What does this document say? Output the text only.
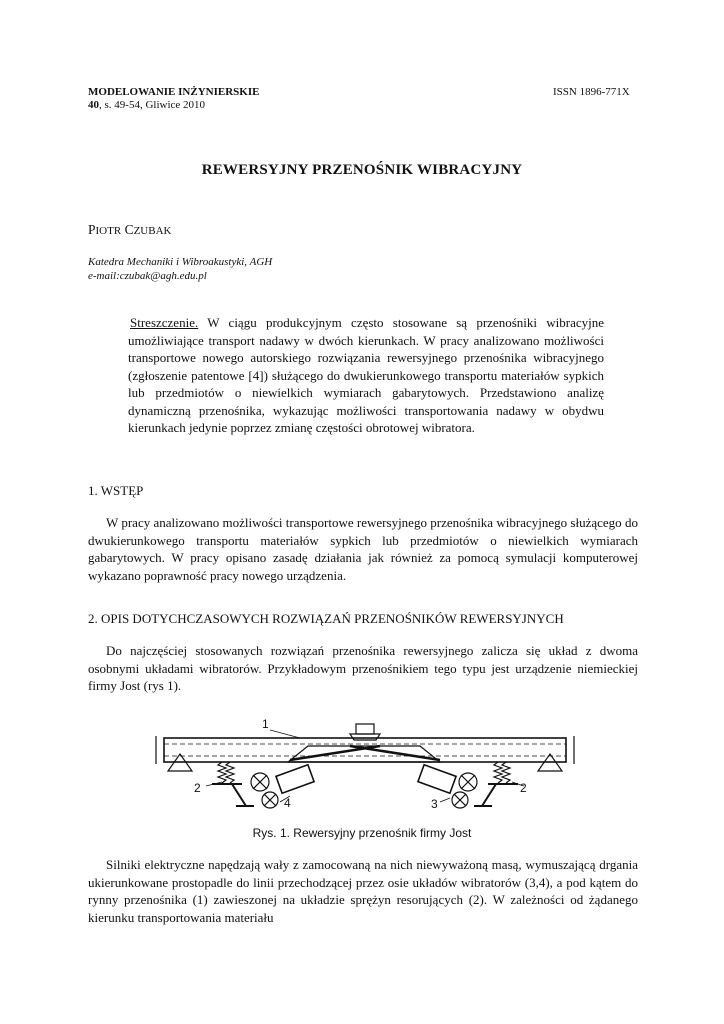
MODELOWANIE INŻYNIERSKIE	ISSN 1896-771X
40, s. 49-54, Gliwice 2010
REWERSYJNY PRZENOŚNIK WIBRACYJNY
PIOTR CZUBAK
Katedra Mechaniki i Wibroakustyki, AGH
e-mail:czubak@agh.edu.pl
Streszczenie. W ciągu produkcyjnym często stosowane są przenośniki wibracyjne umożliwiające transport nadawy w dwóch kierunkach. W pracy analizowano możliwości transportowe nowego autorskiego rozwiązania rewersyjnego przenośnika wibracyjnego (zgłoszenie patentowe [4]) służącego do dwukierunkowego transportu materiałów sypkich lub przedmiotów o niewielkich wymiarach gabarytowych. Przedstawiono analizę dynamiczną przenośnika, wykazując możliwości transportowania nadawy w obydwu kierunkach jedynie poprzez zmianę częstości obrotowej wibratora.
1. WSTĘP
W pracy analizowano możliwości transportowe rewersyjnego przenośnika wibracyjnego służącego do dwukierunkowego transportu materiałów sypkich lub przedmiotów o niewielkich wymiarach gabarytowych. W pracy opisano zasadę działania jak również za pomocą symulacji komputerowej wykazano poprawność pracy nowego urządzenia.
2. OPIS DOTYCHCZASOWYCH ROZWIĄZAŃ PRZENOŚNIKÓW REWERSYJNYCH
Do najczęściej stosowanych rozwiązań przenośnika rewersyjnego zalicza się układ z dwoma osobnymi układami wibratorów. Przykładowym przenośnikiem tego typu jest urządzenie niemieckiej firmy Jost (rys 1).
1
2
4	3
2
Rys. 1. Rewersyjny przenośnik firmy Jost
Silniki elektryczne napędzają wały z zamocowaną na nich niewyważoną masą, wymuszającą drgania ukierunkowane prostopadle do linii przechodzącej przez osie układów wibratorów (3,4), a pod kątem do rynny przenośnika (1) zawieszonej na układzie sprężyn resorujących (2). W zależności od żądanego kierunku transportowania materiału
